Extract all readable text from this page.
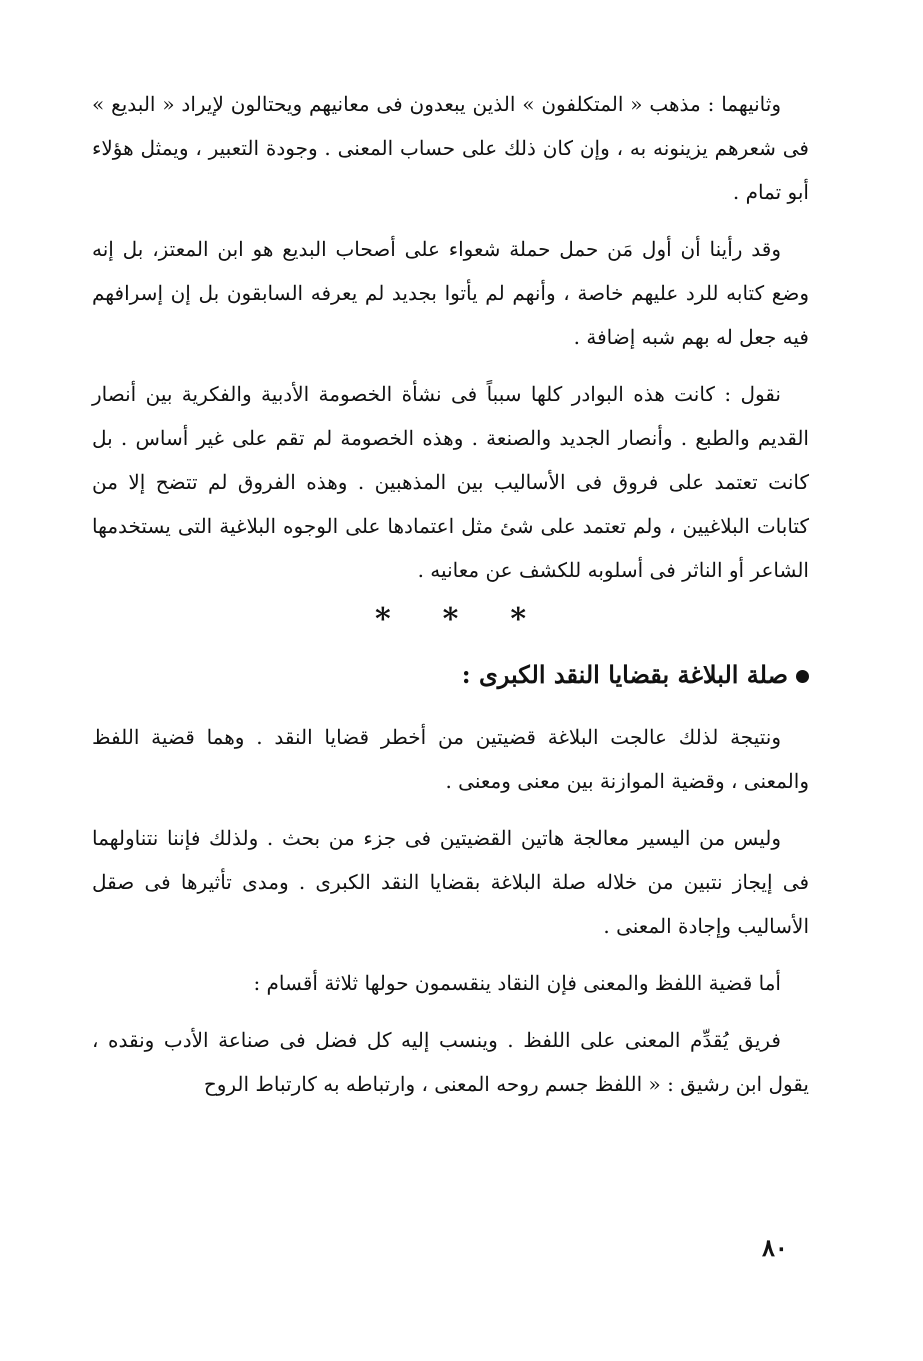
وثانيهما : مذهب « المتكلفون » الذين يبعدون فى معانيهم ويحتالون لإيراد « البديع » فى شعرهم يزينونه به ، وإن كان ذلك على حساب المعنى . وجودة التعبير ، ويمثل هؤلاء أبو تمام .

وقد رأينا أن أول مَن حمل حملة شعواء على أصحاب البديع هو ابن المعتز، بل إنه وضع كتابه للرد عليهم خاصة ، وأنهم لم يأتوا بجديد لم يعرفه السابقون بل إن إسرافهم فيه جعل له بهم شبه إضافة .

نقول : كانت هذه البوادر كلها سبباً فى نشأة الخصومة الأدبية والفكرية بين أنصار القديم والطبع . وأنصار الجديد والصنعة . وهذه الخصومة لم تقم على غير أساس . بل كانت تعتمد على فروق فى الأساليب بين المذهبين . وهذه الفروق لم تتضح إلا من كتابات البلاغيين ، ولم تعتمد على شئ مثل اعتمادها على الوجوه البلاغية التى يستخدمها الشاعر أو الناثر فى أسلوبه للكشف عن معانيه .

*
*
*
صلة البلاغة بقضايا النقد الكبرى :

ونتيجة لذلك عالجت البلاغة قضيتين من أخطر قضايا النقد . وهما قضية اللفظ والمعنى ، وقضية الموازنة بين معنى ومعنى .

وليس من اليسير معالجة هاتين القضيتين فى جزء من بحث . ولذلك فإننا نتناولهما فى إيجاز نتبين من خلاله صلة البلاغة بقضايا النقد الكبرى . ومدى تأثيرها فى صقل الأساليب وإجادة المعنى .

أما قضية اللفظ والمعنى فإن النقاد ينقسمون حولها ثلاثة أقسام :

فريق يُقدِّم المعنى على اللفظ . وينسب إليه كل فضل فى صناعة الأدب ونقده ، يقول ابن رشيق : « اللفظ جسم روحه المعنى ، وارتباطه به كارتباط الروح

٨٠
